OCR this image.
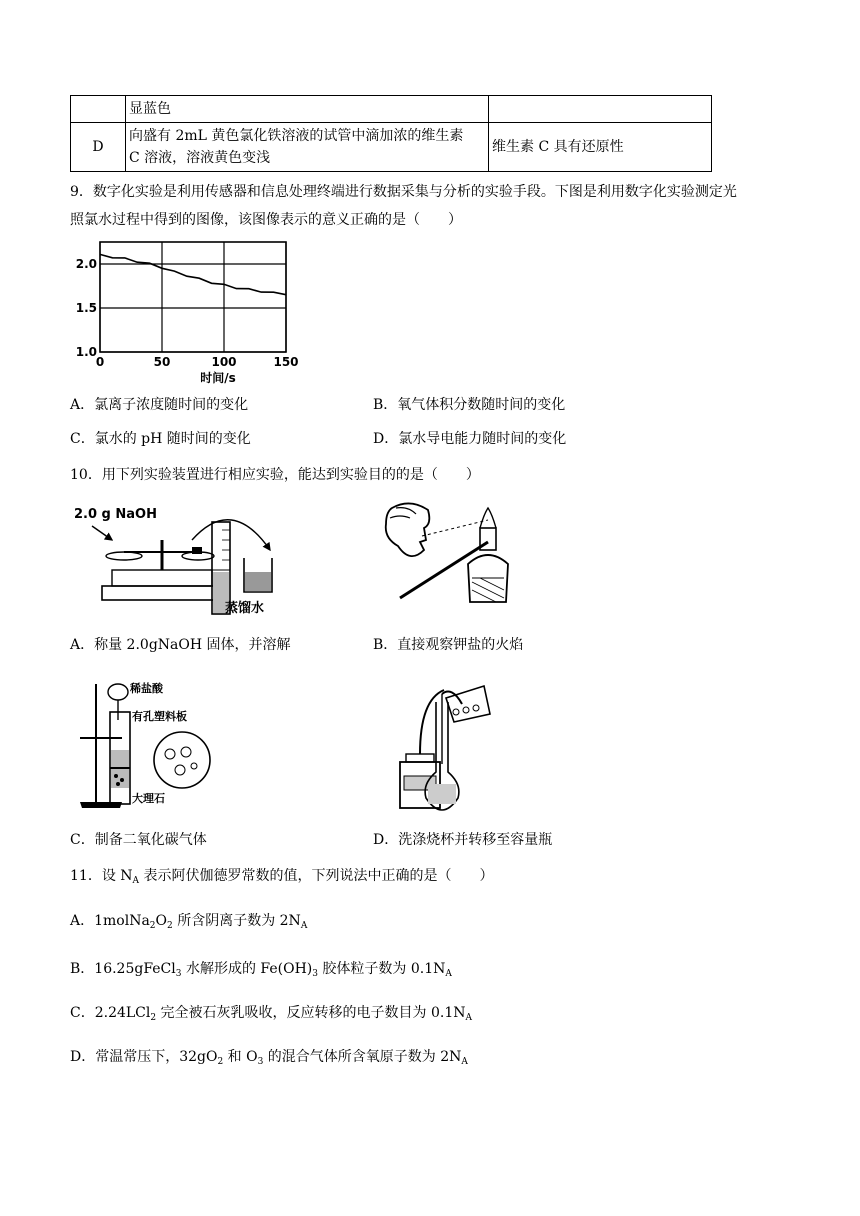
	显蓝色	
D	向盛有 2mL 黄色氯化铁溶液的试管中滴加浓的维生素
C 溶液，溶液黄色变浅	维生素 C 具有还原性
9．数字化实验是利用传感器和信息处理终端进行数据采集与分析的实验手段。下图是利用数字化实验测定光
照氯水过程中得到的图像，该图像表示的意义正确的是（　　）
0	50	100	150
1.0
1.5
2.0
时间/s
A．氯离子浓度随时间的变化	B．氧气体积分数随时间的变化
C．氯水的 pH 随时间的变化	D．氯水导电能力随时间的变化
10．用下列实验装置进行相应实验，能达到实验目的的是（　　）
2.0 g NaOH
蒸馏水
A．称量 2.0gNaOH 固体，并溶解	B．直接观察钾盐的火焰
稀盐酸
有孔塑料板
大理石
C．制备二氧化碳气体	D．洗涤烧杯并转移至容量瓶
11．设 $N_A$ 表示阿伏伽德罗常数的值，下列说法中正确的是（　　）
A．$1molNa_2O_2$ 所含阴离子数为 $2N_A$
B．16.25gFeCl$_3$ 水解形成的 $Fe(OH)_3$ 胶体粒子数为 $0.1N_A$
C．2.24LCl$_2$ 完全被石灰乳吸收，反应转移的电子数目为 $0.1N_A$
D．常温常压下，$32gO_2$ 和 $O_3$ 的混合气体所含氧原子数为 $2N_A$
